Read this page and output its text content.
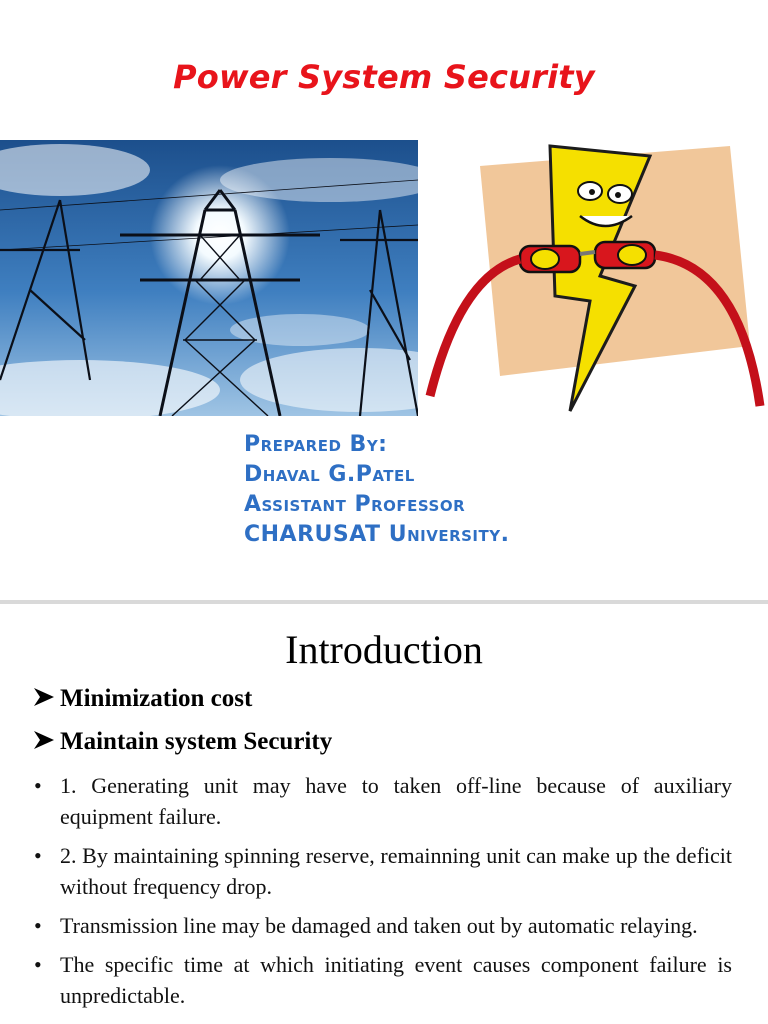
Power System Security
Prepared By:
Dhaval G.Patel
Assistant Professor
CHARUSAT University.
Introduction
Minimization cost
Maintain system Security
• 1. Generating unit may have to taken off-line because of auxiliary equipment failure.
• 2. By maintaining spinning reserve, remainning unit can make up the deficit without frequency drop.
• Transmission line may be damaged and taken out by automatic relaying.
• The specific time at which initiating event causes component failure is unpredictable.
